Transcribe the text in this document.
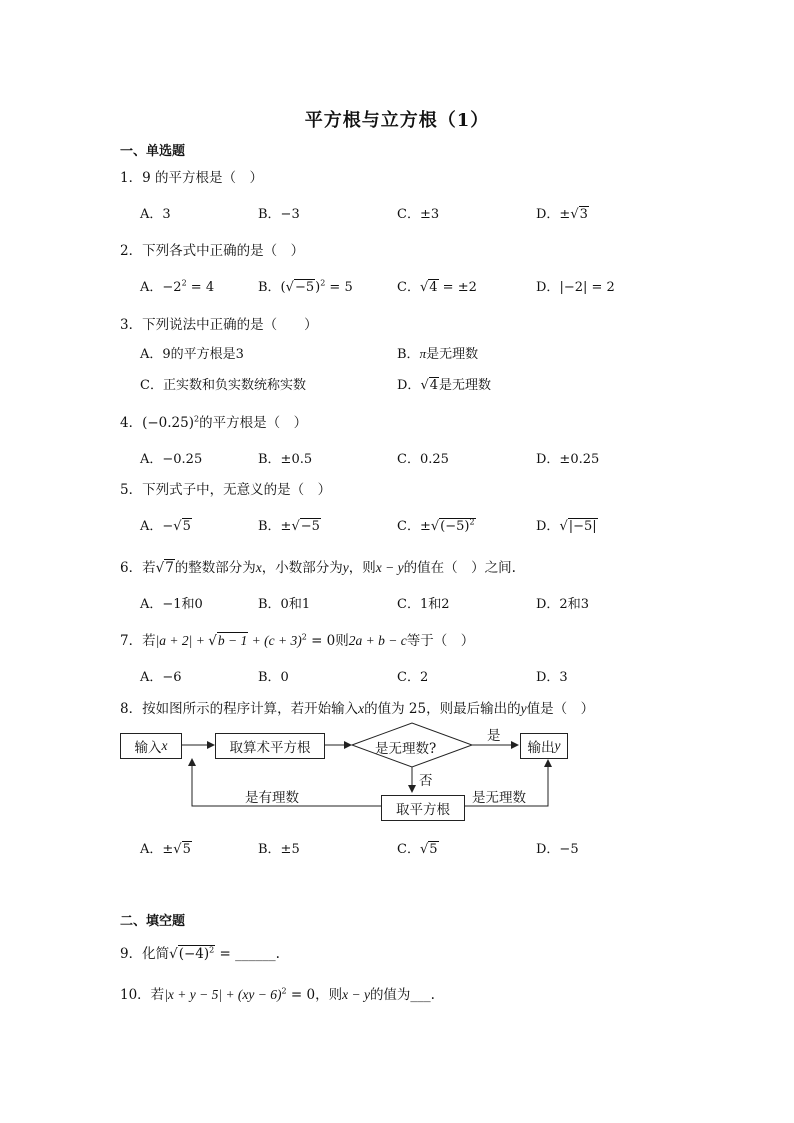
平方根与立方根（1）
一、单选题
1．9 的平方根是（　）
A．3	B．−3	C．±3	D．±√3
2．下列各式中正确的是（　）
A．$-2^2 = 4$	B．$(√-5)^2 = 5$	C．√4 = ±2	D．|−2| = 2
3．下列说法中正确的是（　　）
A．9的平方根是3	B．π是无理数
C．正实数和负实数统称实数	D．√4是无理数
4．$(-0.25)^2$的平方根是（　）
A．−0.25	B．±0.5	C．0.25	D．±0.25
5．下列式子中，无意义的是（　）
A．−√5	B．±√−5	C．$\pm√(-5)^2$	D．√|−5|
6．若√7的整数部分为x，小数部分为y，则x − y的值在（　）之间.
A．−1和0	B．0和1	C．1和2	D．2和3
7．若$|a + 2| + √b - 1 + (c + 3)^2 = 0$则2a + b − c等于（　）
A．−6	B．0	C．2	D．3
8．按如图所示的程序计算，若开始输入x的值为 25，则最后输出的y值是（　）
输入 x	取算术平方根	是无理数?	输出 y
取平方根
是
否
是有理数	是无理数
A．±√5	B．±5	C．√5	D．−5
二、填空题
9．化简$√(-4)^2$ = ______.
10．若|x + y − 5| + (xy − 6)$^2$ = 0，则x − y的值为___.
